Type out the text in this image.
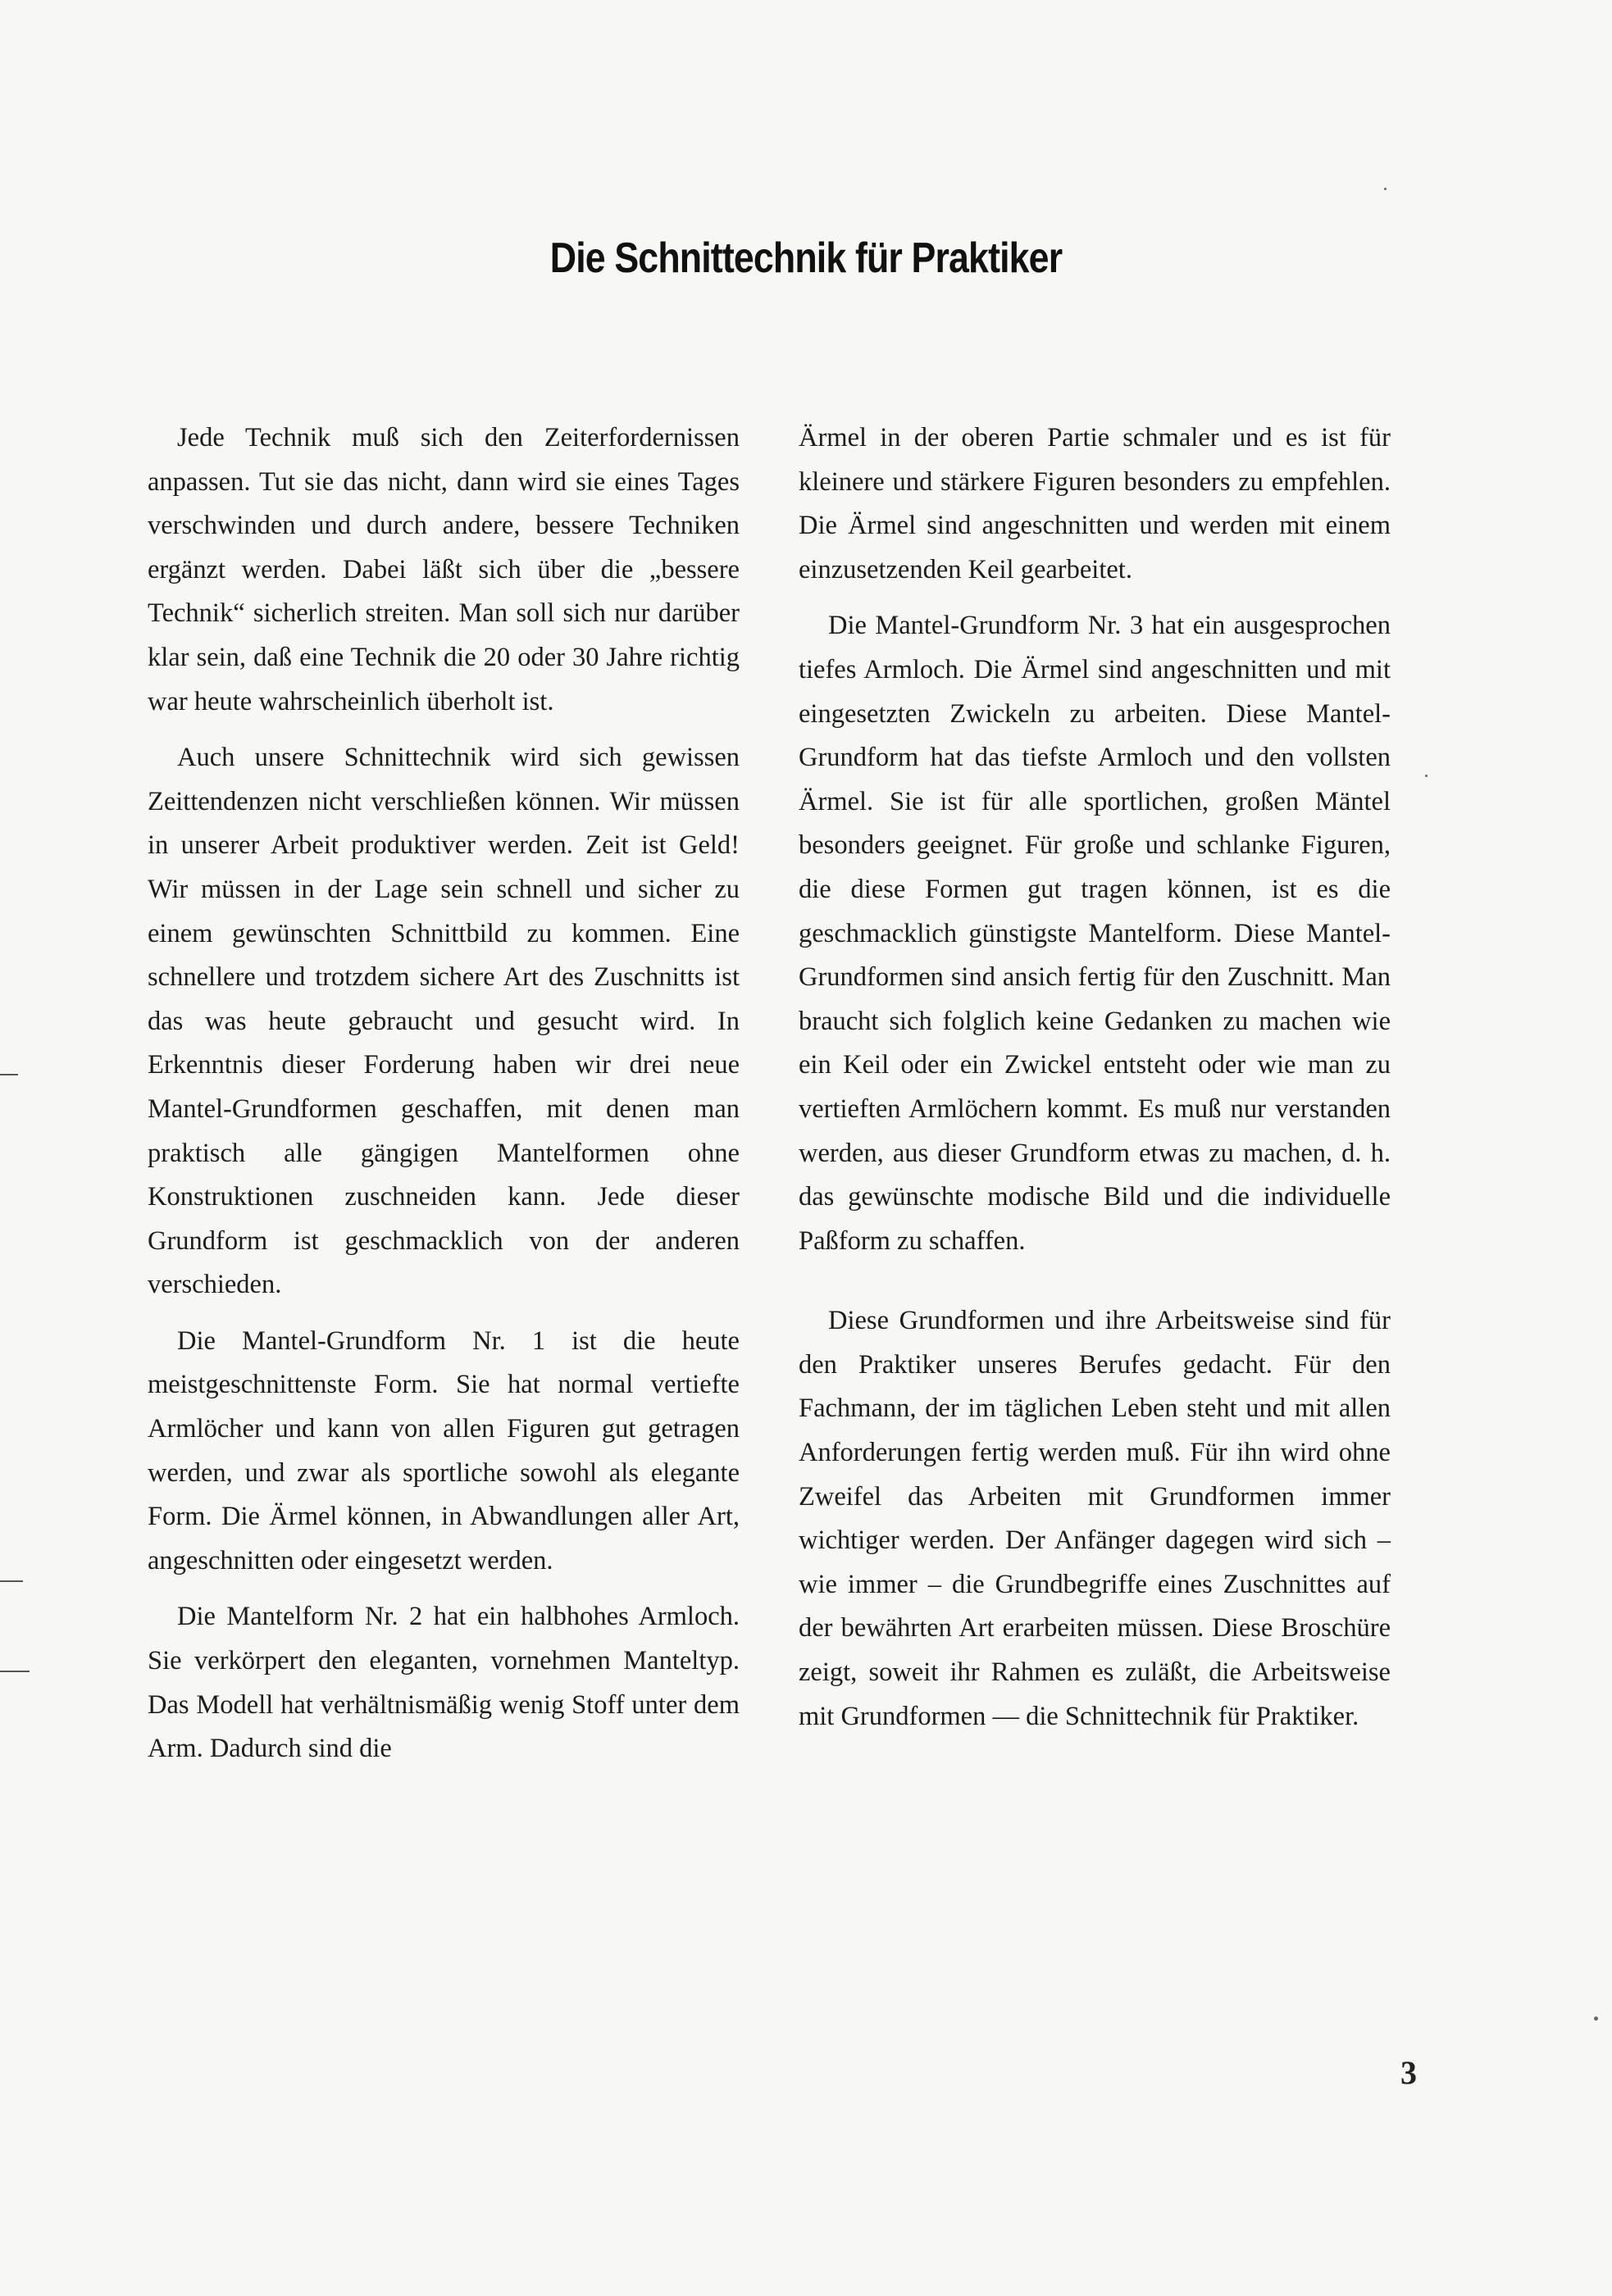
Die Schnittechnik für Praktiker

Jede Technik muß sich den Zeiterfordernissen anpassen. Tut sie das nicht, dann wird sie eines Tages verschwinden und durch andere, bessere Techniken ergänzt werden. Dabei läßt sich über die „bessere Technik“ sicherlich streiten. Man soll sich nur darüber klar sein, daß eine Technik die 20 oder 30 Jahre richtig war heute wahrscheinlich überholt ist.

Auch unsere Schnittechnik wird sich gewissen Zeittendenzen nicht verschließen können. Wir müssen in unserer Arbeit produktiver werden. Zeit ist Geld! Wir müssen in der Lage sein schnell und sicher zu einem gewünschten Schnittbild zu kommen. Eine schnellere und trotzdem sichere Art des Zuschnitts ist das was heute gebraucht und gesucht wird. In Erkenntnis dieser Forderung haben wir drei neue Mantel-Grundformen geschaffen, mit denen man praktisch alle gängigen Mantelformen ohne Konstruktionen zuschneiden kann. Jede dieser Grundform ist geschmacklich von der anderen verschieden.

Die Mantel-Grundform Nr. 1 ist die heute meistgeschnittenste Form. Sie hat normal vertiefte Armlöcher und kann von allen Figuren gut getragen werden, und zwar als sportliche sowohl als elegante Form. Die Ärmel können, in Abwandlungen aller Art, angeschnitten oder eingesetzt werden.

Die Mantelform Nr. 2 hat ein halbhohes Armloch. Sie verkörpert den eleganten, vornehmen Manteltyp. Das Modell hat verhältnismäßig wenig Stoff unter dem Arm. Dadurch sind die

Ärmel in der oberen Partie schmaler und es ist für kleinere und stärkere Figuren besonders zu empfehlen. Die Ärmel sind angeschnitten und werden mit einem einzusetzenden Keil gearbeitet.

Die Mantel-Grundform Nr. 3 hat ein ausgesprochen tiefes Armloch. Die Ärmel sind angeschnitten und mit eingesetzten Zwickeln zu arbeiten. Diese Mantel-Grundform hat das tiefste Armloch und den vollsten Ärmel. Sie ist für alle sportlichen, großen Mäntel besonders geeignet. Für große und schlanke Figuren, die diese Formen gut tragen können, ist es die geschmacklich günstigste Mantelform. Diese Mantel-Grundformen sind ansich fertig für den Zuschnitt. Man braucht sich folglich keine Gedanken zu machen wie ein Keil oder ein Zwickel entsteht oder wie man zu vertieften Armlöchern kommt. Es muß nur verstanden werden, aus dieser Grundform etwas zu machen, d. h. das gewünschte modische Bild und die individuelle Paßform zu schaffen.

Diese Grundformen und ihre Arbeitsweise sind für den Praktiker unseres Berufes gedacht. Für den Fachmann, der im täglichen Leben steht und mit allen Anforderungen fertig werden muß. Für ihn wird ohne Zweifel das Arbeiten mit Grundformen immer wichtiger werden. Der Anfänger dagegen wird sich – wie immer – die Grundbegriffe eines Zuschnittes auf der bewährten Art erarbeiten müssen. Diese Broschüre zeigt, soweit ihr Rahmen es zuläßt, die Arbeitsweise mit Grundformen — die Schnittechnik für Praktiker.

3
